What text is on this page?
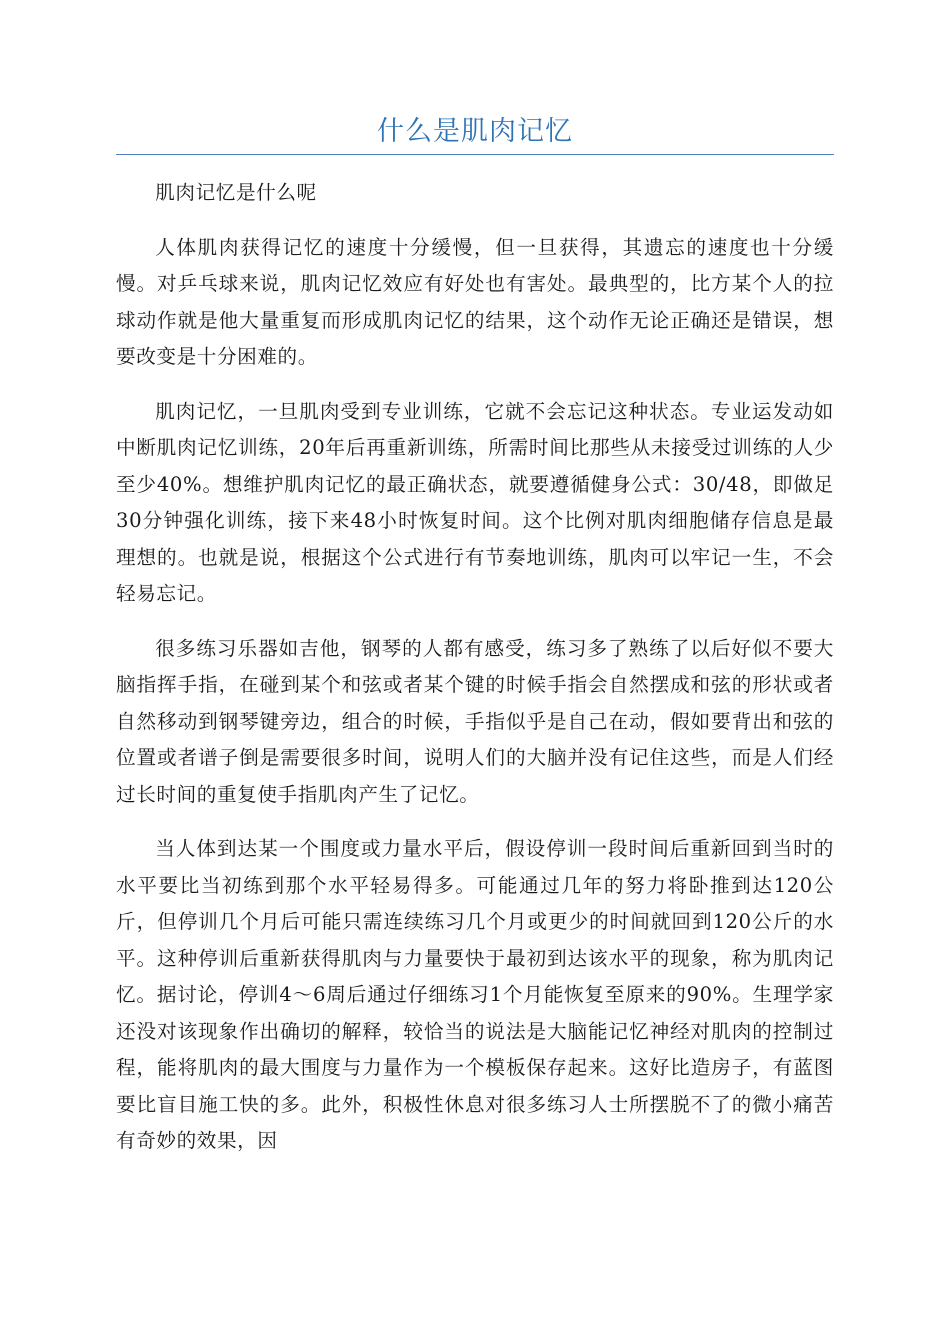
什么是肌肉记忆

肌肉记忆是什么呢

人体肌肉获得记忆的速度十分缓慢，但一旦获得，其遗忘的速度也十分缓慢。对乒乓球来说，肌肉记忆效应有好处也有害处。最典型的，比方某个人的拉球动作就是他大量重复而形成肌肉记忆的结果，这个动作无论正确还是错误，想要改变是十分困难的。

肌肉记忆，一旦肌肉受到专业训练，它就不会忘记这种状态。专业运发动如中断肌肉记忆训练，20年后再重新训练，所需时间比那些从未接受过训练的人少至少40%。想维护肌肉记忆的最正确状态，就要遵循健身公式：30/48，即做足30分钟强化训练，接下来48小时恢复时间。这个比例对肌肉细胞储存信息是最理想的。也就是说，根据这个公式进行有节奏地训练，肌肉可以牢记一生，不会轻易忘记。

很多练习乐器如吉他，钢琴的人都有感受，练习多了熟练了以后好似不要大脑指挥手指，在碰到某个和弦或者某个键的时候手指会自然摆成和弦的形状或者自然移动到钢琴键旁边，组合的时候，手指似乎是自己在动，假如要背出和弦的位置或者谱子倒是需要很多时间，说明人们的大脑并没有记住这些，而是人们经过长时间的重复使手指肌肉产生了记忆。

当人体到达某一个围度或力量水平后，假设停训一段时间后重新回到当时的水平要比当初练到那个水平轻易得多。可能通过几年的努力将卧推到达120公斤，但停训几个月后可能只需连续练习几个月或更少的时间就回到120公斤的水平。这种停训后重新获得肌肉与力量要快于最初到达该水平的现象，称为肌肉记忆。据讨论，停训4～6周后通过仔细练习1个月能恢复至原来的90%。生理学家还没对该现象作出确切的解释，较恰当的说法是大脑能记忆神经对肌肉的控制过程，能将肌肉的最大围度与力量作为一个模板保存起来。这好比造房子，有蓝图要比盲目施工快的多。此外，积极性休息对很多练习人士所摆脱不了的微小痛苦有奇妙的效果，因
